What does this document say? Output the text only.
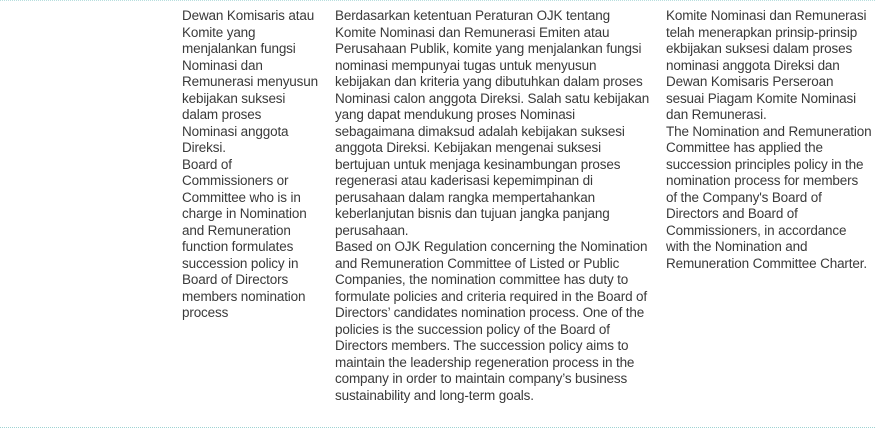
Dewan Komisaris atau Komite yang menjalankan fungsi Nominasi dan Remunerasi menyusun kebijakan suksesi dalam proses Nominasi anggota Direksi.

Board of Commissioners or Committee who is in charge in Nomination and Remuneration function formulates succession policy in Board of Directors members nomination process

Berdasarkan ketentuan Peraturan OJK tentang Komite Nominasi dan Remunerasi Emiten atau Perusahaan Publik, komite yang menjalankan fungsi nominasi mempunyai tugas untuk menyusun kebijakan dan kriteria yang dibutuhkan dalam proses Nominasi calon anggota Direksi. Salah satu kebijakan yang dapat mendukung proses Nominasi sebagaimana dimaksud adalah kebijakan suksesi anggota Direksi. Kebijakan mengenai suksesi bertujuan untuk menjaga kesinambungan proses regenerasi atau kaderisasi kepemimpinan di perusahaan dalam rangka mempertahankan keberlanjutan bisnis dan tujuan jangka panjang perusahaan.

Based on OJK Regulation concerning the Nomination and Remuneration Committee of Listed or Public Companies, the nomination committee has duty to formulate policies and criteria required in the Board of Directors’ candidates nomination process. One of the policies is the succession policy of the Board of Directors members. The succession policy aims to maintain the leadership regeneration process in the company in order to maintain company’s business sustainability and long-term goals.

Komite Nominasi dan Remunerasi telah menerapkan prinsip-prinsip ekbijakan suksesi dalam proses nominasi anggota Direksi dan Dewan Komisaris Perseroan sesuai Piagam Komite Nominasi dan Remunerasi.

The Nomination and Remuneration Committee has applied the succession principles policy in the nomination process for members of the Company's Board of Directors and Board of Commissioners, in accordance with the Nomination and Remuneration Committee Charter.
